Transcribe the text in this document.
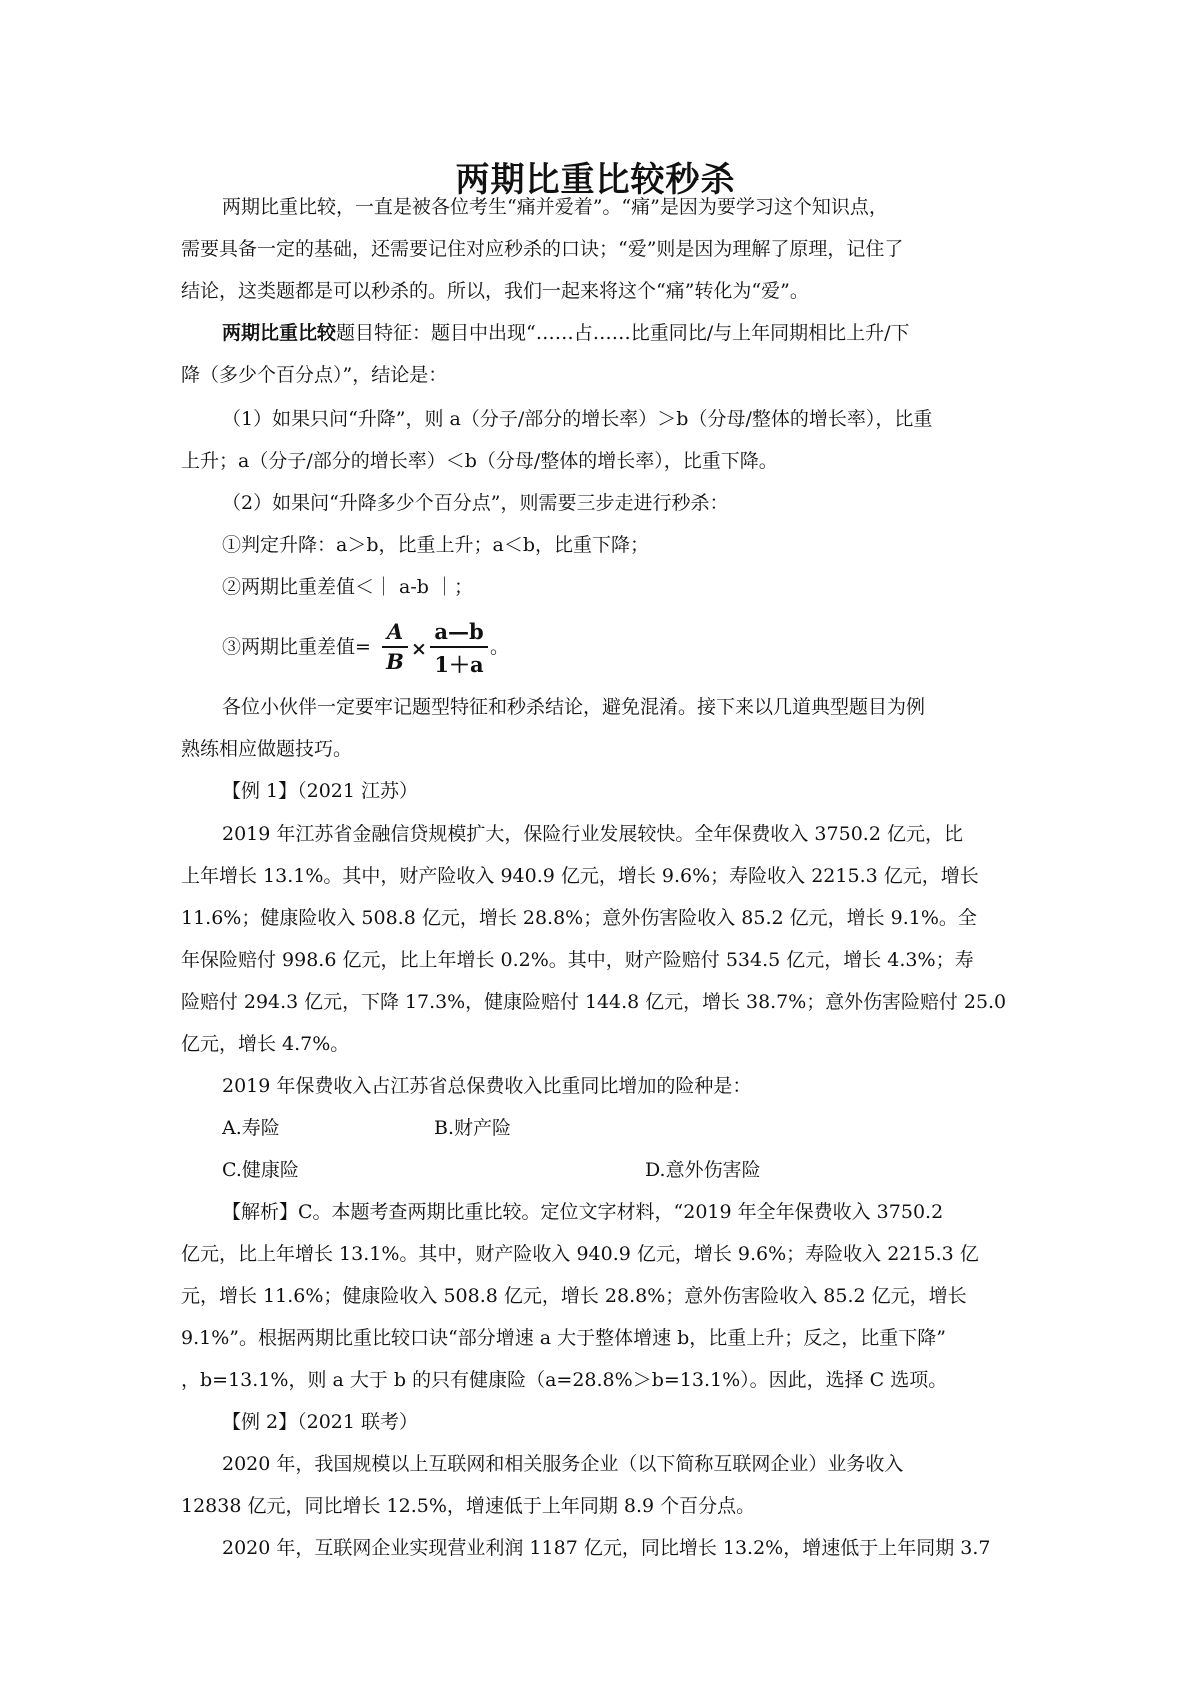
两期比重比较秒杀
两期比重比较，一直是被各位考生“痛并爱着”。“痛”是因为要学习这个知识点，
需要具备一定的基础，还需要记住对应秒杀的口诀；“爱”则是因为理解了原理，记住了
结论，这类题都是可以秒杀的。所以，我们一起来将这个“痛”转化为“爱”。
两期比重比较题目特征：题目中出现“……占……比重同比/与上年同期相比上升/下
降（多少个百分点）”，结论是：
（1）如果只问“升降”，则 a（分子/部分的增长率）＞b（分母/整体的增长率），比重
上升；a（分子/部分的增长率）＜b（分母/整体的增长率），比重下降。
（2）如果问“升降多少个百分点”，则需要三步走进行秒杀：
①判定升降：a＞b，比重上升；a＜b，比重下降；
②两期比重差值＜｜ a-b ｜；
③两期比重差值=
A
B ×
a—b
1＋a
。
各位小伙伴一定要牢记题型特征和秒杀结论，避免混淆。接下来以几道典型题目为例
熟练相应做题技巧。
【例 1】（2021 江苏）
2019 年江苏省金融信贷规模扩大，保险行业发展较快。全年保费收入 3750.2 亿元，比
上年增长 13.1%。其中，财产险收入 940.9 亿元，增长 9.6%；寿险收入 2215.3 亿元，增长
11.6%；健康险收入 508.8 亿元，增长 28.8%；意外伤害险收入 85.2 亿元，增长 9.1%。全
年保险赔付 998.6 亿元，比上年增长 0.2%。其中，财产险赔付 534.5 亿元，增长 4.3%；寿
险赔付 294.3 亿元，下降 17.3%，健康险赔付 144.8 亿元，增长 38.7%；意外伤害险赔付 25.0
亿元，增长 4.7%。
2019 年保费收入占江苏省总保费收入比重同比增加的险种是：
A.寿险	B.财产险
C.健康险	D.意外伤害险
【解析】C。本题考查两期比重比较。定位文字材料，“2019 年全年保费收入 3750.2
亿元，比上年增长 13.1%。其中，财产险收入 940.9 亿元，增长 9.6%；寿险收入 2215.3 亿
元，增长 11.6%；健康险收入 508.8 亿元，增长 28.8%；意外伤害险收入 85.2 亿元，增长
9.1%”。根据两期比重比较口诀“部分增速 a 大于整体增速 b，比重上升；反之，比重下降”
，b=13.1%，则 a 大于 b 的只有健康险（a=28.8%＞b=13.1%）。因此，选择 C 选项。
【例 2】（2021 联考）
2020 年，我国规模以上互联网和相关服务企业（以下简称互联网企业）业务收入
12838 亿元，同比增长 12.5%，增速低于上年同期 8.9 个百分点。
2020 年，互联网企业实现营业利润 1187 亿元，同比增长 13.2%，增速低于上年同期 3.7
